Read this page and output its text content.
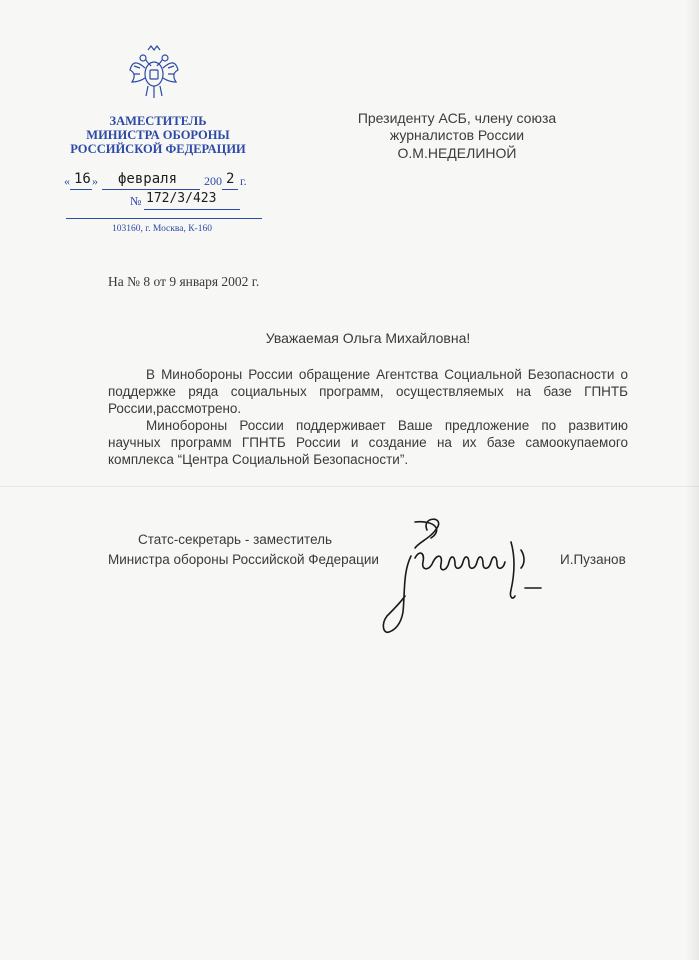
ЗАМЕСТИТЕЛЬ
МИНИСТРА ОБОРОНЫ
РОССИЙСКОЙ ФЕДЕРАЦИИ
« 16 » февраля 200 2 г.
№ 172/3/423
103160, г. Москва, К-160
Президенту АСБ, члену союза
журналистов России
О.М.НЕДЕЛИНОЙ
На № 8 от 9 января 2002 г.
Уважаемая Ольга Михайловна!

В Минобороны России обращение Агентства Социальной Безопасности о поддержке ряда социальных программ, осуществляемых на базе ГПНТБ России,рассмотрено.

Минобороны России поддерживает Ваше предложение по развитию научных программ ГПНТБ России и создание на их базе самоокупаемого комплекса “Центра Социальной Безопасности”.

Статс-секретарь - заместитель
Министра обороны Российской Федерации	И.Пузанов
